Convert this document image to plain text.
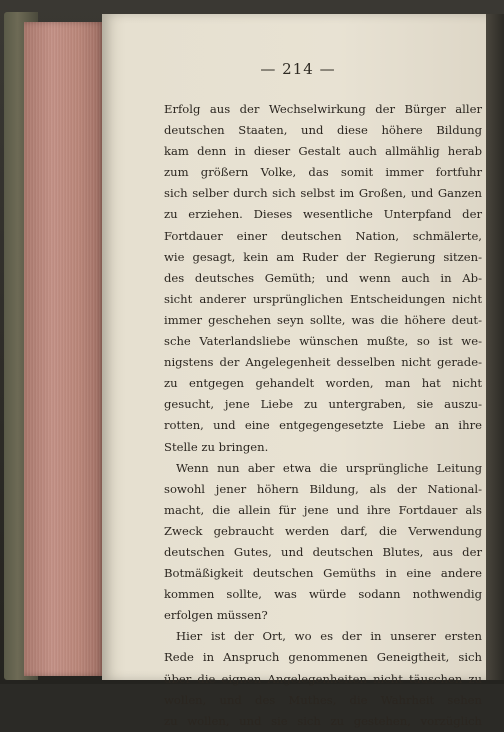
— 214 —
Erfolg aus der Wechselwirkung der Bürger aller
deutschen Staaten, und diese höhere Bildung
kam denn in dieser Gestalt auch allmählig herab
zum größern Volke, das somit immer fortfuhr
sich selber durch sich selbst im Großen, und Ganzen
zu erziehen. Dieses wesentliche Unterpfand der
Fortdauer einer deutschen Nation, schmälerte,
wie gesagt, kein am Ruder der Regierung sitzen-
des deutsches Gemüth; und wenn auch in Ab-
sicht anderer ursprünglichen Entscheidungen nicht
immer geschehen seyn sollte, was die höhere deut-
sche Vaterlandsliebe wünschen mußte, so ist we-
nigstens der Angelegenheit desselben nicht gerade-
zu entgegen gehandelt worden, man hat nicht
gesucht, jene Liebe zu untergraben, sie auszu-
rotten, und eine entgegengesetzte Liebe an ihre
Stelle zu bringen.
Wenn nun aber etwa die ursprüngliche Leitung
sowohl jener höhern Bildung, als der National-
macht, die allein für jene und ihre Fortdauer als
Zweck gebraucht werden darf, die Verwendung
deutschen Gutes, und deutschen Blutes, aus der
Botmäßigkeit deutschen Gemüths in eine andere
kommen sollte, was würde sodann nothwendig
erfolgen müssen?
Hier ist der Ort, wo es der in unserer ersten
Rede in Anspruch genommenen Geneigtheit, sich
über die eignen Angelegenheiten nicht täuschen zu
wollen, und des Muthes, die Wahrheit sehen
zu wollen, und sie sich zu gestehen, vorzüglich
